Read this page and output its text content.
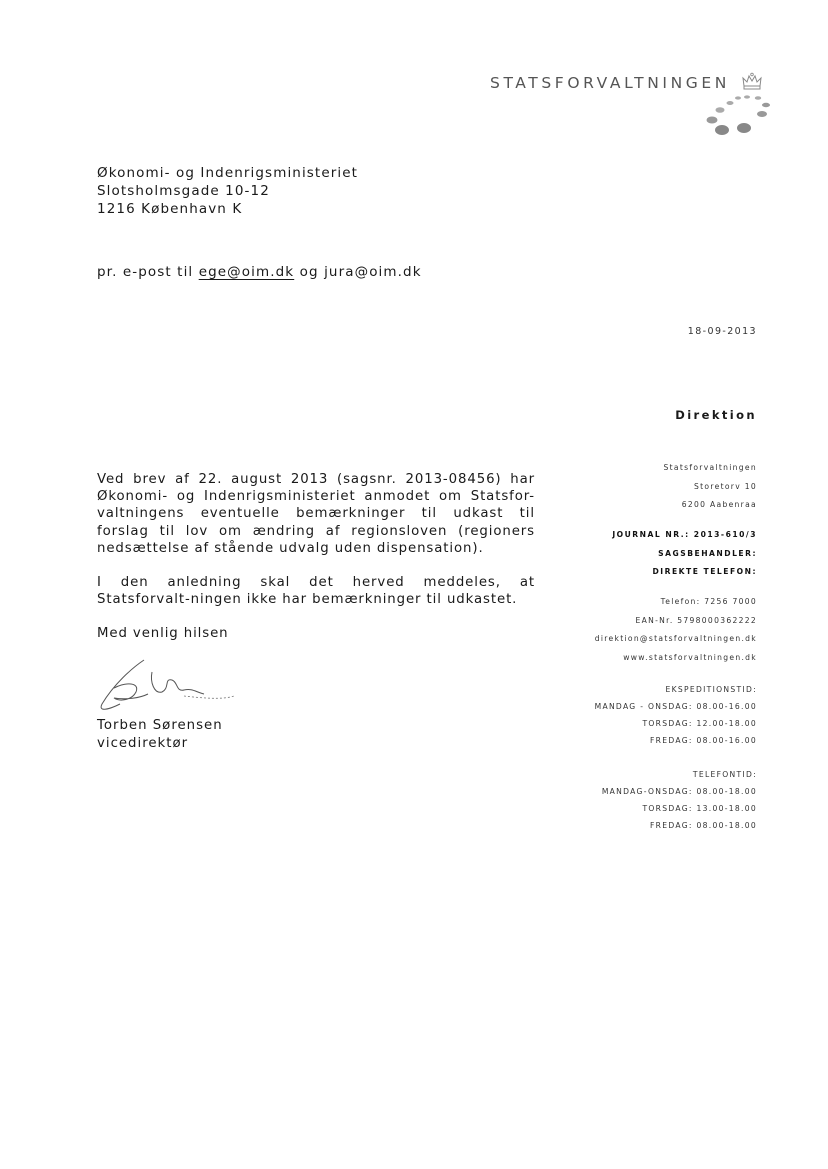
STATSFORVALTNINGEN
Økonomi- og Indenrigsministeriet
Slotsholmsgade 10-12
1216 København K
pr. e-post til ege@oim.dk og jura@oim.dk
18-09-2013
Direktion

Ved brev af 22. august 2013 (sagsnr. 2013-08456) har Økonomi- og Indenrigsministeriet anmodet om Statsfor-valtningens eventuelle bemærkninger til udkast til forslag til lov om ændring af regionsloven (regioners nedsættelse af stående udvalg uden dispensation).

I den anledning skal det herved meddeles, at Statsforvalt-ningen ikke har bemærkninger til udkastet.

Med venlig hilsen

Torben Sørensen
vicedirektør
Statsforvaltningen
Storetorv 10
6200 Aabenraa
JOURNAL NR.: 2013-610/3
SAGSBEHANDLER:
DIREKTE TELEFON:
Telefon: 7256 7000
EAN-Nr. 5798000362222
direktion@statsforvaltningen.dk
www.statsforvaltningen.dk
EKSPEDITIONSTID:
MANDAG - ONSDAG: 08.00-16.00
TORSDAG: 12.00-18.00
FREDAG: 08.00-16.00
TELEFONTID:
MANDAG-ONSDAG: 08.00-18.00
TORSDAG: 13.00-18.00
FREDAG: 08.00-18.00
